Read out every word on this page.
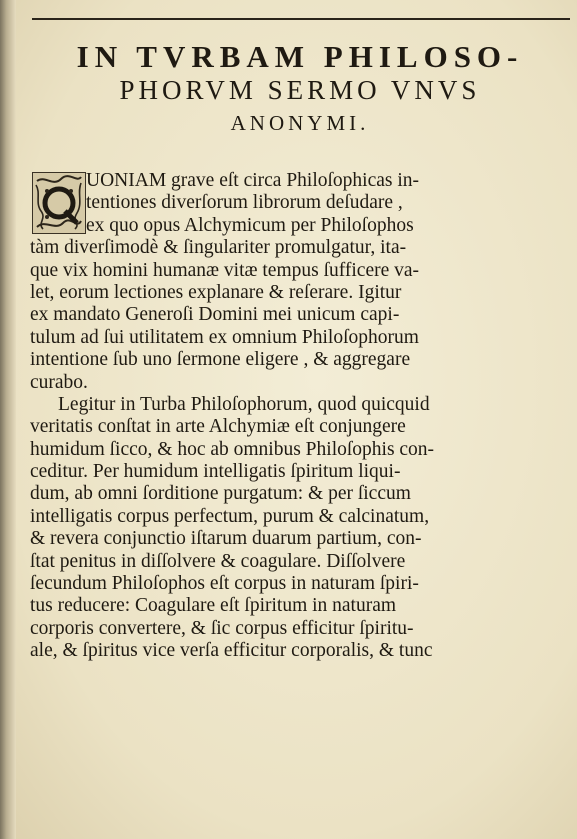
IN TVRBAM PHILOSO-
PHORVM SERMO VNVS
ANONYMI.
UONIAM grave eſt circa Philoſophicas in-
tentiones diverſorum librorum deſudare ,
ex quo opus Alchymicum per Philoſophos
tàm diverſimodè & ſingulariter promulgatur, ita-
que vix homini humanæ vitæ tempus ſufficere va-
let, eorum lectiones explanare & reſerare. Igitur
ex mandato Generoſi Domini mei unicum capi-
tulum ad ſui utilitatem ex omnium Philoſophorum
intentione ſub uno ſermone eligere , & aggregare
curabo.
Legitur in Turba Philoſophorum, quod quicquid
veritatis conſtat in arte Alchymiæ eſt conjungere
humidum ſicco, & hoc ab omnibus Philoſophis con-
ceditur. Per humidum intelligatis ſpiritum liqui-
dum, ab omni ſorditione purgatum: & per ſiccum
intelligatis corpus perfectum, purum & calcinatum,
& revera conjunctio iſtarum duarum partium, con-
ſtat penitus in diſſolvere & coagulare. Diſſolvere
ſecundum Philoſophos eſt corpus in naturam ſpiri-
tus reducere: Coagulare eſt ſpiritum in naturam
corporis convertere, & ſic corpus efficitur ſpiritu-
ale, & ſpiritus vice verſa efficitur corporalis, & tunc
